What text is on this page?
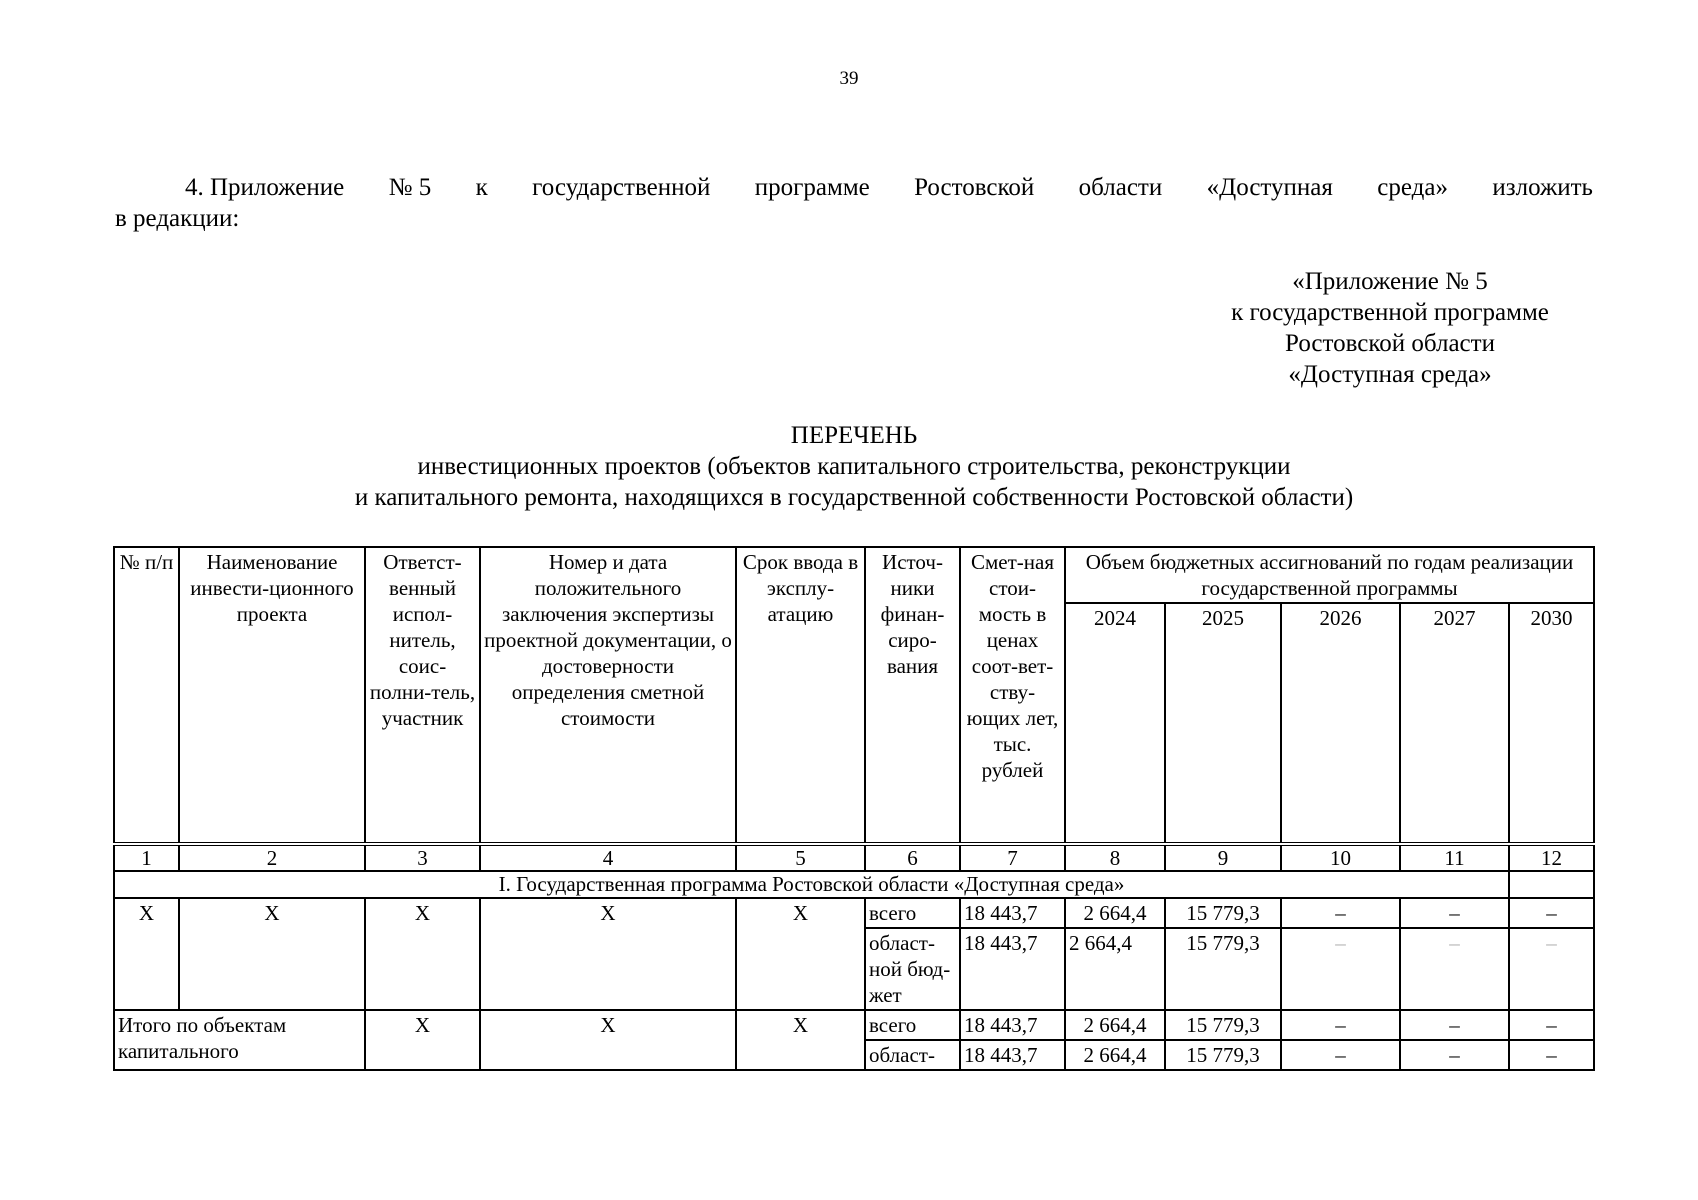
39
4. Приложение № 5 к государственной программе Ростовской области «Доступная среда» изложить
в редакции:
«Приложение № 5
к государственной программе
Ростовской области
«Доступная среда»
ПЕРЕЧЕНЬ
инвестиционных проектов (объектов капитального строительства, реконструкции
и капитального ремонта, находящихся в государственной собственности Ростовской области)
№ п/п	Наименование инвести-ционного проекта	Ответст-венный испол-нитель, соис-полни-тель, участник	Номер и дата положительного заключения экспертизы проектной документации, о достоверности определения сметной стоимости	Срок ввода в эксплу-атацию	Источ-ники финан-сиро-вания	Смет-ная стои-мость в ценах соот-вет-ству-ющих лет, тыс. рублей	Объем бюджетных ассигнований по годам реализации государственной программы				
							2024	2025	2026	2027	2030
1	2	3	4	5	6	7	8	9	10	11	12
I. Государственная программа Ростовской области «Доступная среда»											
X	X	X	X	X	всего	18 443,7	2 664,4	15 779,3	–	–	–
					област-ной бюд-жет	18 443,7	2 664,4	15 779,3	–	–	–
Итого по объектам капитального		X	X	X	всего	18 443,7	2 664,4	15 779,3	–	–	–
					област-	18 443,7	2 664,4	15 779,3	–	–	–
